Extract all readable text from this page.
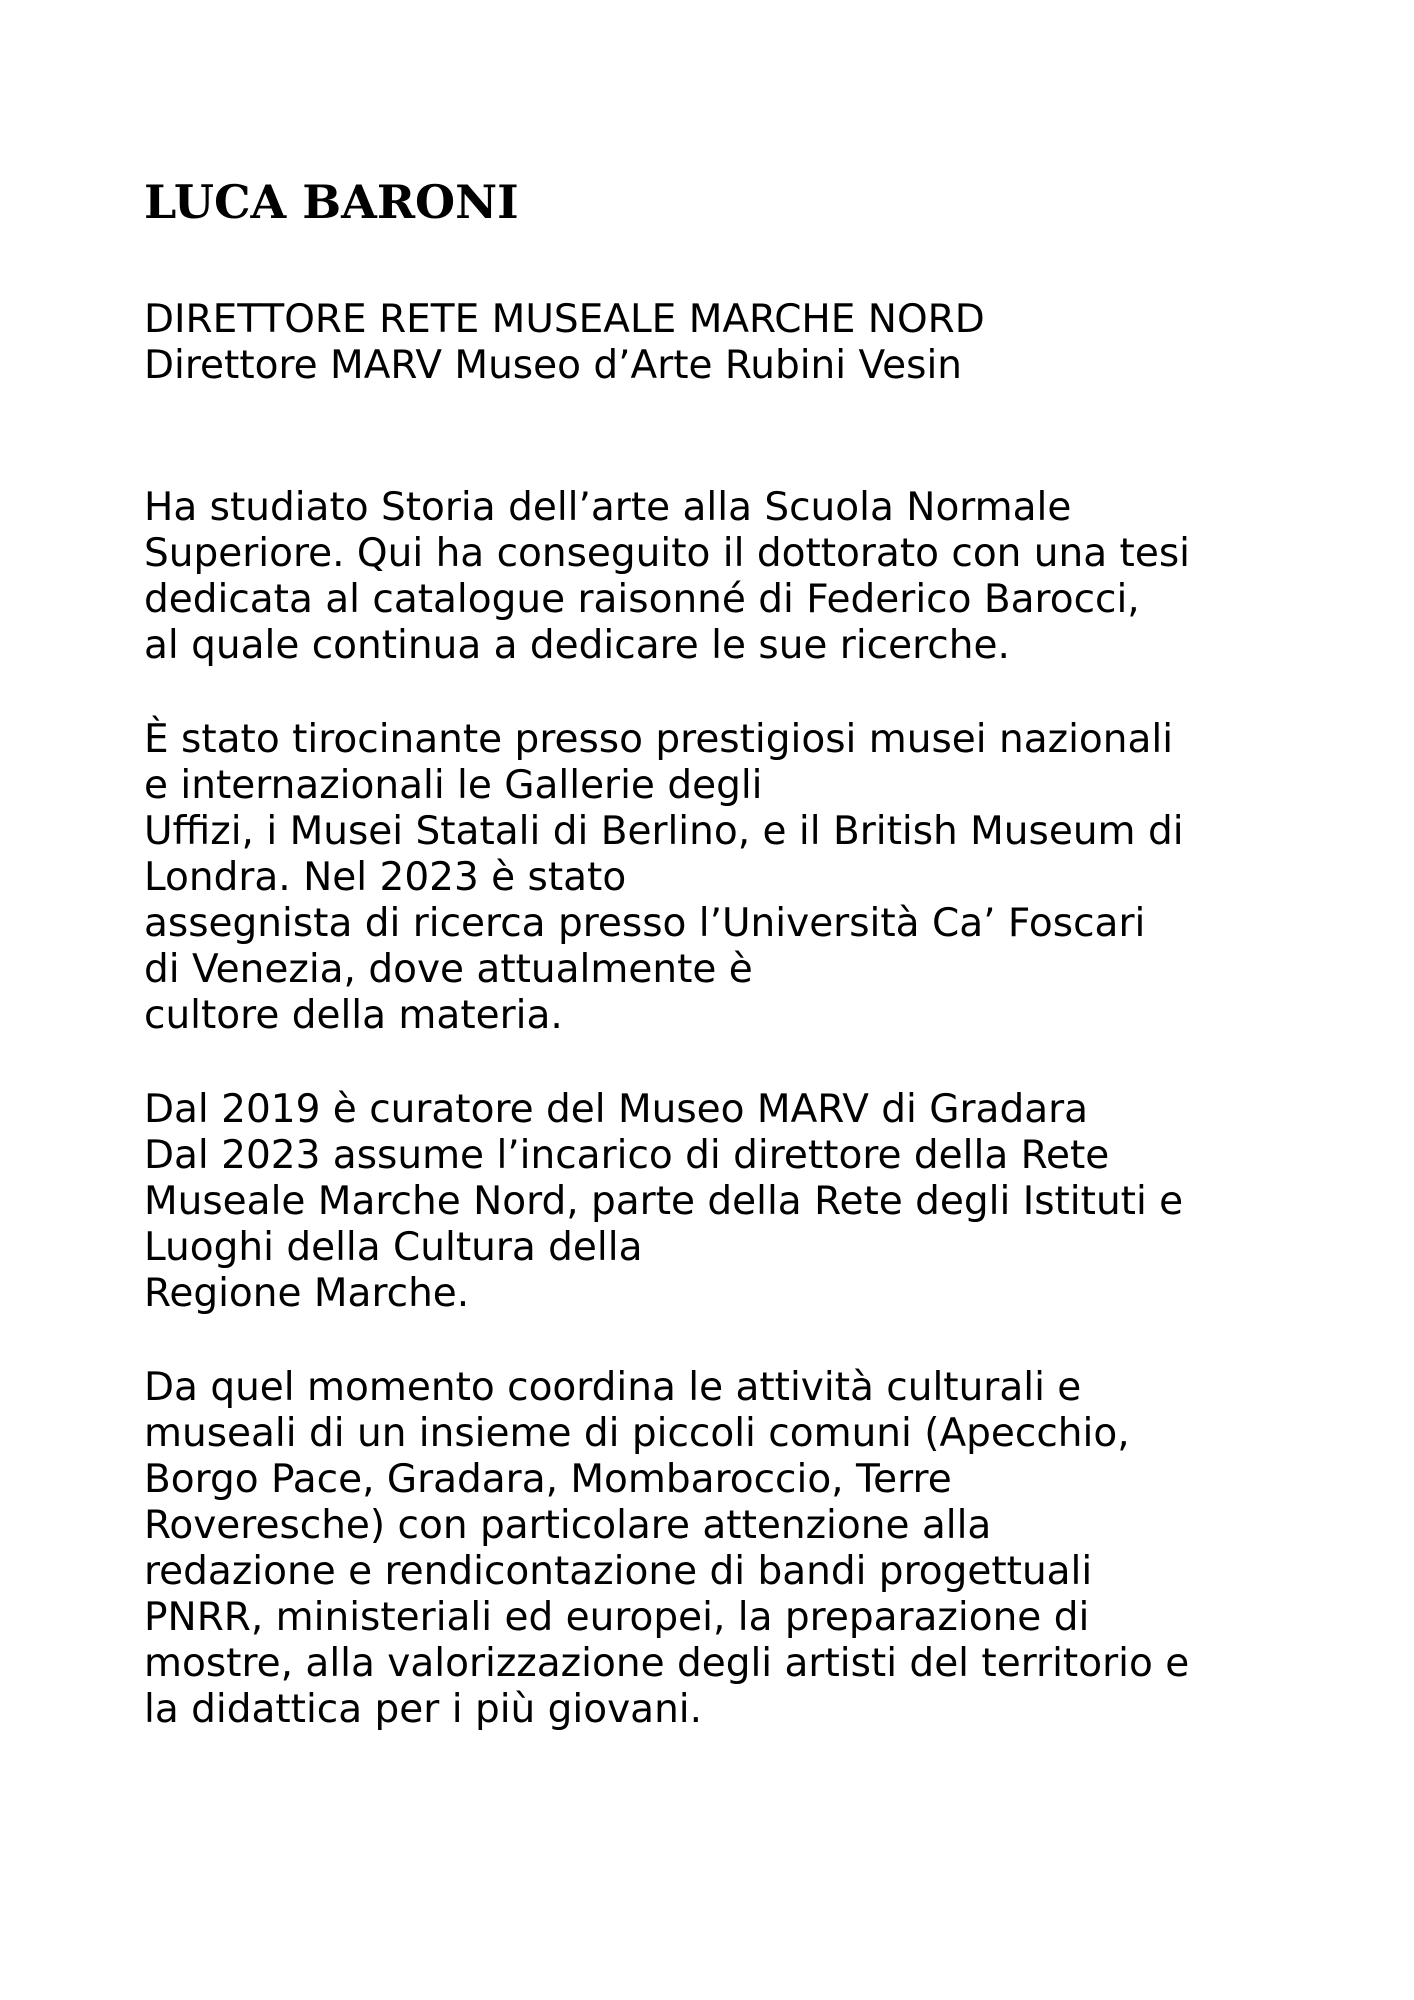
LUCA BARONI
DIRETTORE RETE MUSEALE MARCHE NORD
Direttore MARV Museo d’Arte Rubini Vesin
Ha studiato Storia dell’arte alla Scuola Normale
Superiore. Qui ha conseguito il dottorato con una tesi
dedicata al catalogue raisonné di Federico Barocci,
al quale continua a dedicare le sue ricerche.
È stato tirocinante presso prestigiosi musei nazionali
e internazionali le Gallerie degli
Uffizi, i Musei Statali di Berlino, e il British Museum di
Londra. Nel 2023 è stato
assegnista di ricerca presso l’Università Ca’ Foscari
di Venezia, dove attualmente è
cultore della materia.
Dal 2019 è curatore del Museo MARV di Gradara
Dal 2023 assume l’incarico di direttore della Rete
Museale Marche Nord, parte della Rete degli Istituti e
Luoghi della Cultura della
Regione Marche.
Da quel momento coordina le attività culturali e
museali di un insieme di piccoli comuni (Apecchio,
Borgo Pace, Gradara, Mombaroccio, Terre
Roveresche) con particolare attenzione alla
redazione e rendicontazione di bandi progettuali
PNRR, ministeriali ed europei, la preparazione di
mostre, alla valorizzazione degli artisti del territorio e
la didattica per i più giovani.
